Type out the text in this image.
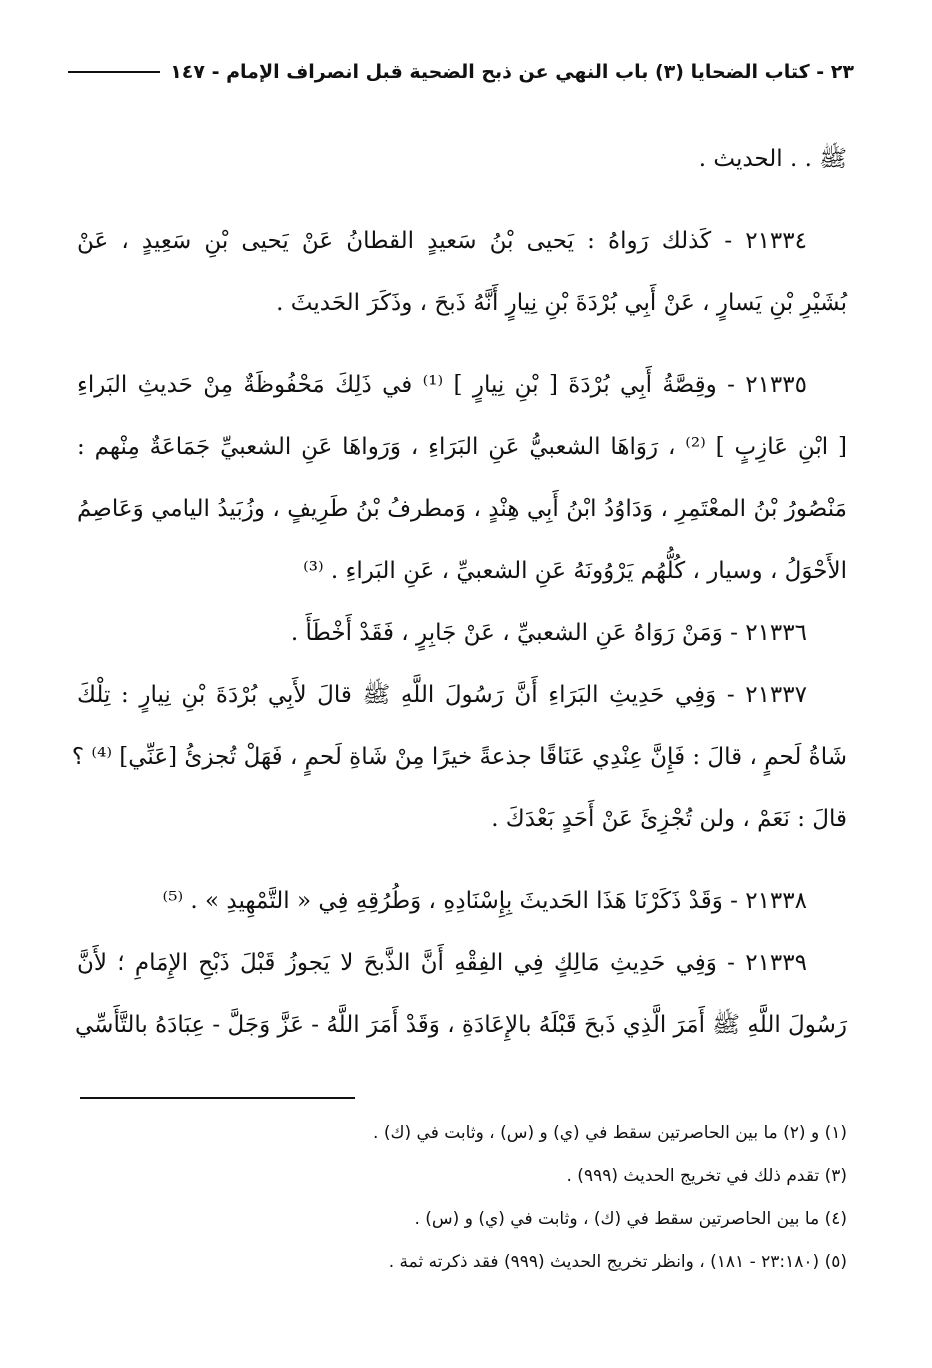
٢٣ - كتاب الضحايا (٣) باب النهي عن ذبح الضحية قبل انصراف الإمام - ١٤٧
ﷺ . . الحديث .
٢١٣٣٤ - كَذلك رَواهُ : يَحيى بْنُ سَعيدٍ القطانُ عَنْ يَحيى بْنِ سَعِيدٍ ، عَنْ
بُشَيْرِ بْنِ يَسارٍ ، عَنْ أَبِي بُرْدَةَ بْنِ نِيارٍ أَنَّهُ ذَبحَ ، وذَكَرَ الحَديثَ .
٢١٣٣٥ - وقِصَّةُ أَبِي بُرْدَةَ [ بْنِ نِيارٍ ] ⁽¹⁾ في ذَلِكَ مَحْفُوظَةٌ مِنْ حَديثِ البَراءِ
[ ابْنِ عَازِبٍ ] ⁽²⁾ ، رَوَاهَا الشعبيُّ عَنِ البَرَاءِ ، وَرَواهَا عَنِ الشعبيِّ جَمَاعَةٌ مِنْهم :
مَنْصُورُ بْنُ المعْتَمِرِ ، وَدَاوُدُ ابْنُ أَبِي هِنْدٍ ، وَمطرفُ بْنُ طَرِيفٍ ، وزُبَيدُ اليامي وَعَاصِمُ
الأَحْوَلُ ، وسيار ، كُلُّهُم يَرْوُونَهُ عَنِ الشعبيِّ ، عَنِ البَراءِ . ⁽³⁾
٢١٣٣٦ - وَمَنْ رَوَاهُ عَنِ الشعبيِّ ، عَنْ جَابِرٍ ، فَقَدْ أَخْطَأَ .
٢١٣٣٧ - وَفِي حَدِيثِ البَرَاءِ أَنَّ رَسُولَ اللَّهِ ﷺ قالَ لأَبِي بُرْدَةَ بْنِ نِيارٍ : تِلْكَ
شَاةُ لَحمٍ ، قالَ : فَإِنَّ عِنْدِي عَنَاقًا جذعةً خيرًا مِنْ شَاةِ لَحمٍ ، فَهَلْ تُجزئُ [عَنِّي] ⁽⁴⁾ ؟
قالَ : نَعَمْ ، ولن تُجْزِئَ عَنْ أَحَدٍ بَعْدَكَ .
٢١٣٣٨ - وَقَدْ ذَكَرْنَا هَذَا الحَديثَ بِإِسْنَادِهِ ، وَطُرُقِهِ فِي « التَّمْهِيدِ » . ⁽⁵⁾
٢١٣٣٩ - وَفِي حَدِيثِ مَالِكٍ فِي الفِقْهِ أَنَّ الذَّبحَ لا يَجوزُ قَبْلَ ذَبْحِ الإِمَامِ ؛ لأَنَّ
رَسُولَ اللَّهِ ﷺ أَمَرَ الَّذِي ذَبحَ قَبْلَهُ بالإِعَادَةِ ، وَقَدْ أَمَرَ اللَّهُ - عَزَّ وَجَلَّ - عِبَادَهُ بالتَّأَسِّي
(١) و (٢) ما بين الحاصرتين سقط في (ي) و (س) ، وثابت في (ك) .
(٣) تقدم ذلك في تخريج الحديث (٩٩٩) .
(٤) ما بين الحاصرتين سقط في (ك) ، وثابت في (ي) و (س) .
(٥) (٢٣:١٨٠ - ١٨١) ، وانظر تخريج الحديث (٩٩٩) فقد ذكرته ثمة .
